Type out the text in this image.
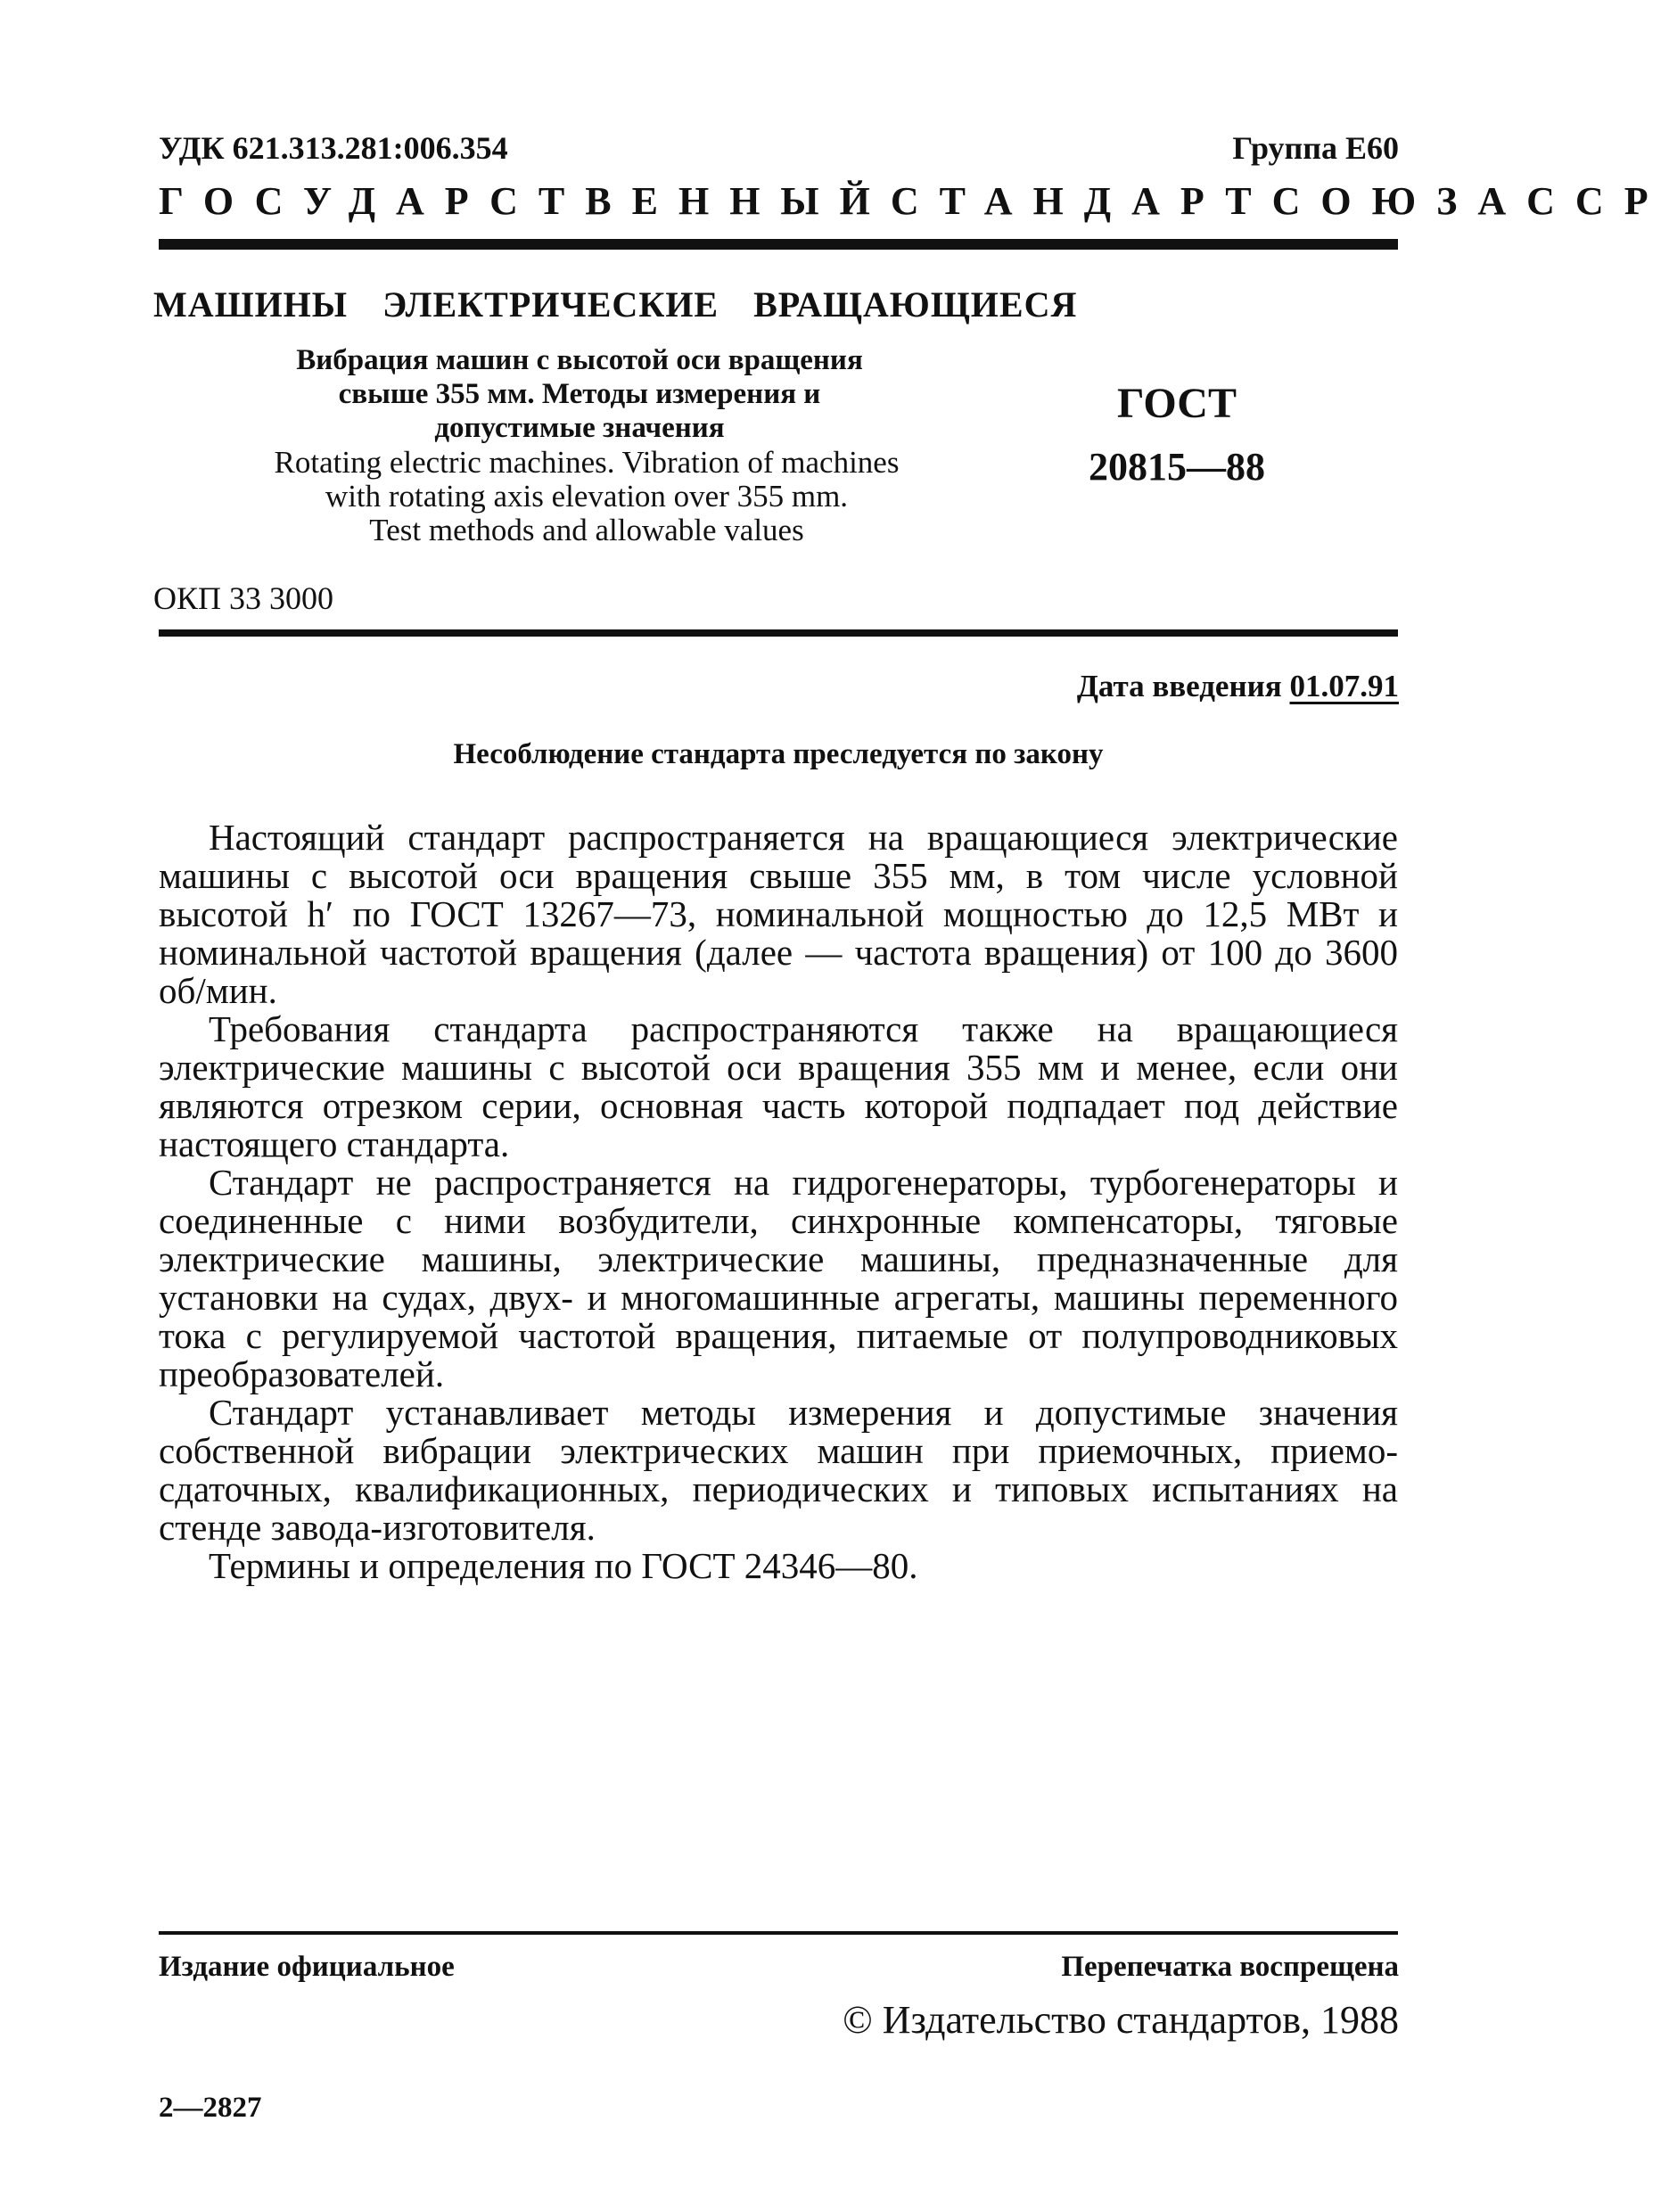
УДК 621.313.281:006.354	Группа Е60
ГОСУДАРСТВЕННЫЙ СТАНДАРТ СОЮЗА ССР
МАШИНЫ ЭЛЕКТРИЧЕСКИЕ ВРАЩАЮЩИЕСЯ
Вибрация машин с высотой оси вращения
свыше 355 мм. Методы измерения и
допустимые значения
Rotating electric machines. Vibration of machines
with rotating axis elevation over 355 mm.
Test methods and allowable values
ГОСТ
20815—88
ОКП 33 3000
Дата введения 01.07.91
Несоблюдение стандарта преследуется по закону

Настоящий стандарт распространяется на вращающиеся электрические машины с высотой оси вращения свыше 355 мм, в том числе условной высотой h′ по ГОСТ 13267—73, номинальной мощностью до 12,5 МВт и номинальной частотой вращения (далее — частота вращения) от 100 до 3600 об/мин.

Требования стандарта распространяются также на вращающиеся электрические машины с высотой оси вращения 355 мм и менее, если они являются отрезком серии, основная часть которой подпадает под действие настоящего стандарта.

Стандарт не распространяется на гидрогенераторы, турбогенераторы и соединенные с ними возбудители, синхронные компенсаторы, тяговые электрические машины, электрические машины, предназначенные для установки на судах, двух- и многомашинные агрегаты, машины переменного тока с регулируемой частотой вращения, питаемые от полупроводниковых преобразователей.

Стандарт устанавливает методы измерения и допустимые значения собственной вибрации электрических машин при приемочных, приемо-сдаточных, квалификационных, периодических и типовых испытаниях на стенде завода-изготовителя.

Термины и определения по ГОСТ 24346—80.

Издание официальное	Перепечатка воспрещена
© Издательство стандартов, 1988
2—2827
